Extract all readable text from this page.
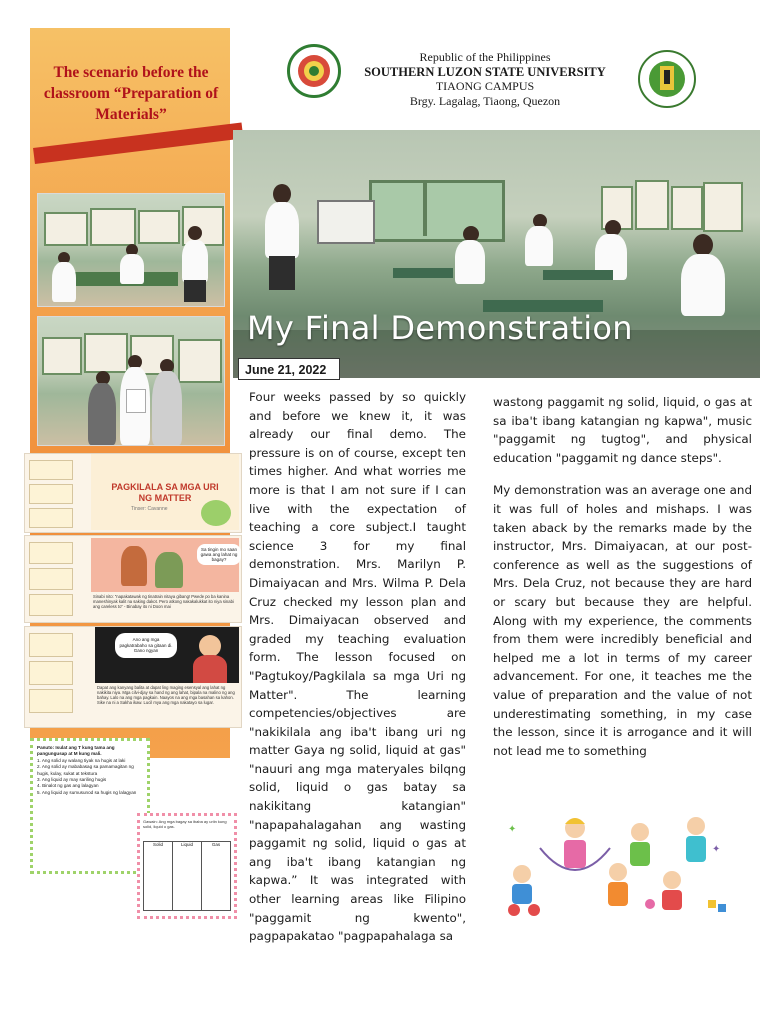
The scenario before the classroom “Preparation of Materials”
PAGKILALA SA MGA URI NG MATTER
Tinser: Cavanne
Sa tingin mo saan gawa ang lahat ng bagay?
Sinabi nito: “napakatawak ng tinatrain nitaya gibang! Pwede po ba kanina maneshinyak kalit na saking dakot. Pero atkong nakakalukkat ito niya sinabi ang careless to” - Binabay ito ni Doon mai
Ano ang mga pagkatrabaho sa gitaan di. Gano ngyan
Dapat ang kanyang balita at dapat ling maging esensyal ang lahat ng nakikita niya. Mga cilvi-djay sa hand ng ang lahat, bipala na malino ng ang bahay. Lalo na ang mga pagkain. Naayos na ang mga basahan sa kahon. Sike na ni a Sakha ikaw. Lucil mya ang mga nakatayo sa lugar.
Panuto: Isulat ang T kung tama ang pangungusap at M kung mali.
1. Ang solid ay walang tiyak na hugis at laki
2. Ang solid ay mababasag sa pamamagitan ng hugis, kulay, sukat at tekstura
3. Ang liquid ay may sariling hugis
4. Binalot ng gas ang lalagyan
5. Ang liquid ay sumusunod sa hugis ng lalagyan
Gawain: Ang mga bagay sa ibaba ay uriin kung solid, liquid o gas.
Solid	Liquid	Gas
Republic of the Philippines
SOUTHERN LUZON STATE UNIVERSITY
TIAONG CAMPUS
Brgy. Lagalag, Tiaong, Quezon
My Final Demonstration
June 21, 2022

Four weeks passed by so quickly and before we knew it, it was already our final demo. The pressure is on of course, except ten times higher. And what worries me more is that I am not sure if I can live with the expectation of teaching a core subject.I taught science 3 for my final demonstration. Mrs. Marilyn P. Dimaiyacan and Mrs. Wilma P. Dela Cruz checked my lesson plan and Mrs. Dimaiyacan observed and graded my teaching evaluation form. The lesson focused on "Pagtukoy/Pagkilala sa mga Uri ng Matter". The learning competencies/objectives are "nakikilala ang iba't ibang uri ng matter Gaya ng solid, liquid at gas" "nauuri ang mga materyales bilqng solid, liquid o gas batay sa nakikitang katangian" "napapahalagahan ang wasting paggamit ng solid, liquid o gas at ang iba't ibang katangian ng kapwa.” It was integrated with other learning areas like Filipino "paggamit ng kwento", pagpapakatao "pagpapahalaga sa

wastong paggamit ng solid, liquid, o gas at sa iba't ibang katangian ng kapwa", music "paggamit ng tugtog", and physical education "paggamit ng dance steps".

My demonstration was an average one and it was full of holes and mishaps. I was taken aback by the remarks made by the instructor, Mrs. Dimaiyacan, at our post-conference as well as the suggestions of Mrs. Dela Cruz, not because they are hard or scary but because they are helpful. Along with my experience, the comments from them were incredibly beneficial and helped me a lot in terms of my career advancement. For one, it teaches me the value of preparation and the value of not underestimating something, in my case the lesson, since it is arrogance and it will not lead me to something

✦
✦
